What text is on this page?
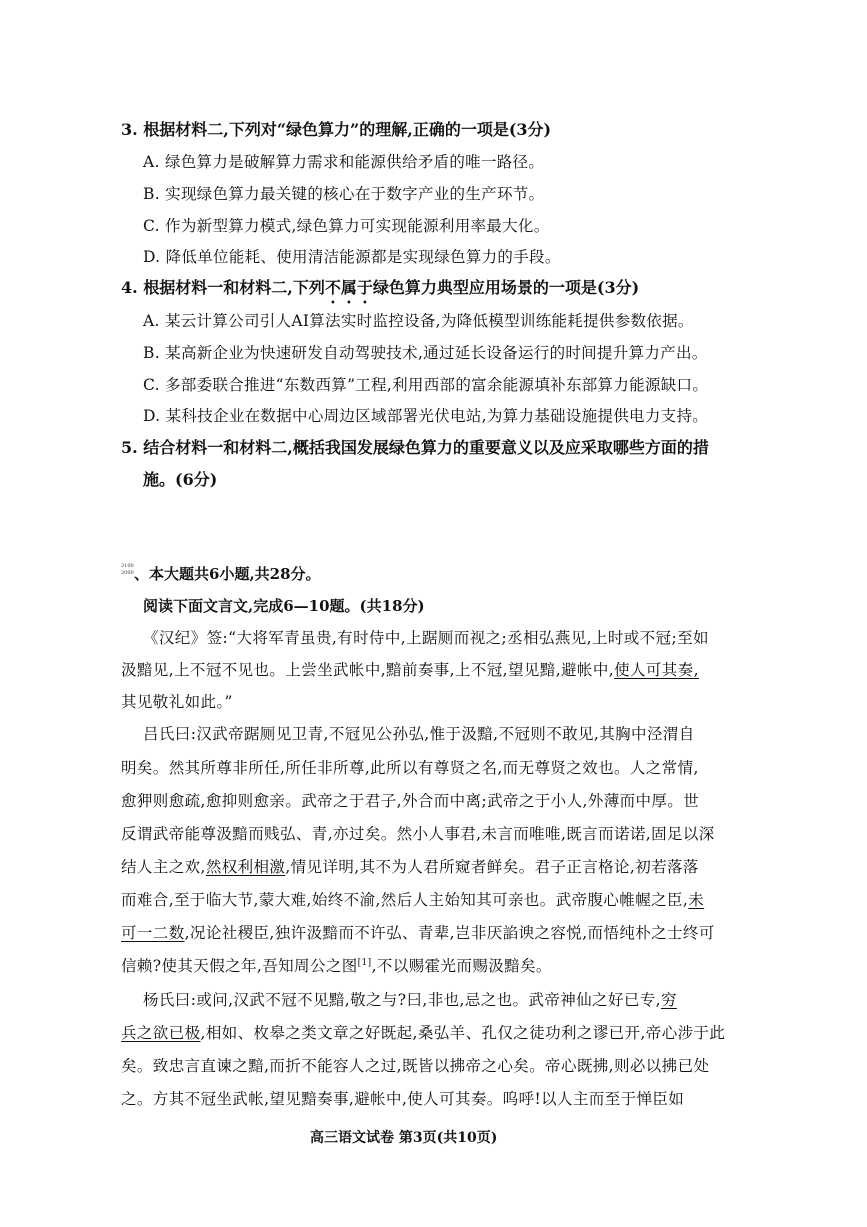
3. 根据材料二,下列对“绿色算力”的理解,正确的一项是(3分)
A. 绿色算力是破解算力需求和能源供给矛盾的唯一路径。
B. 实现绿色算力最关键的核心在于数字产业的生产环节。
C. 作为新型算力模式,绿色算力可实现能源利用率最大化。
D. 降低单位能耗、使用清洁能源都是实现绿色算力的手段。
4. 根据材料一和材料二,下列不属于绿色算力典型应用场景的一项是(3分)
A. 某云计算公司引人AI算法实时监控设备,为降低模型训练能耗提供参数依据。
B. 某高新企业为快速研发自动驾驶技术,通过延长设备运行的时间提升算力产出。
C. 多部委联合推进“东数西算”工程,利用西部的富余能源填补东部算力能源缺口。
D. 某科技企业在数据中心周边区域部署光伏电站,为算力基础设施提供电力支持。
5. 结合材料一和材料二,概括我国发展绿色算力的重要意义以及应采取哪些方面的措
施。(6分)
2100
2000 、本大题共6小题,共28分。
阅读下面文言文,完成6—10题。(共18分)
《汉纪》签:“大将军青虽贵,有时侍中,上踞厕而视之;丞相弘燕见,上时或不冠;至如
汲黯见,上不冠不见也。上尝坐武帐中,黯前奏事,上不冠,望见黯,避帐中,使人可其奏,
其见敬礼如此。”
吕氏曰:汉武帝踞厕见卫青,不冠见公孙弘,惟于汲黯,不冠则不敢见,其胸中泾渭自
明矣。然其所尊非所任,所任非所尊,此所以有尊贤之名,而无尊贤之效也。人之常情,
愈狎则愈疏,愈抑则愈亲。武帝之于君子,外合而中离;武帝之于小人,外薄而中厚。世
反谓武帝能尊汲黯而贱弘、青,亦过矣。然小人事君,未言而唯唯,既言而诺诺,固足以深
结人主之欢,然权利相激,情见详明,其不为人君所窥者鲜矣。君子正言格论,初若落落
而难合,至于临大节,蒙大难,始终不渝,然后人主始知其可亲也。武帝腹心帷幄之臣,未
可一二数,况论社稷臣,独许汲黯而不许弘、青辈,岂非厌諂谀之容悦,而悟纯朴之士终可
信赖?使其天假之年,吾知周公之图[1],不以赐霍光而赐汲黯矣。
杨氏曰:或问,汉武不冠不见黯,敬之与?曰,非也,忌之也。武帝神仙之好已专,穷
兵之欲已极,相如、枚皋之类文章之好既起,桑弘羊、孔仅之徒功利之谬已开,帝心涉于此
矣。致忠言直谏之黯,而折不能容人之过,既皆以拂帝之心矣。帝心既拂,则必以拂已处
之。方其不冠坐武帐,望见黯奏事,避帐中,使人可其奏。呜呼!以人主而至于惮臣如
高三语文试卷 第3页(共10页)
